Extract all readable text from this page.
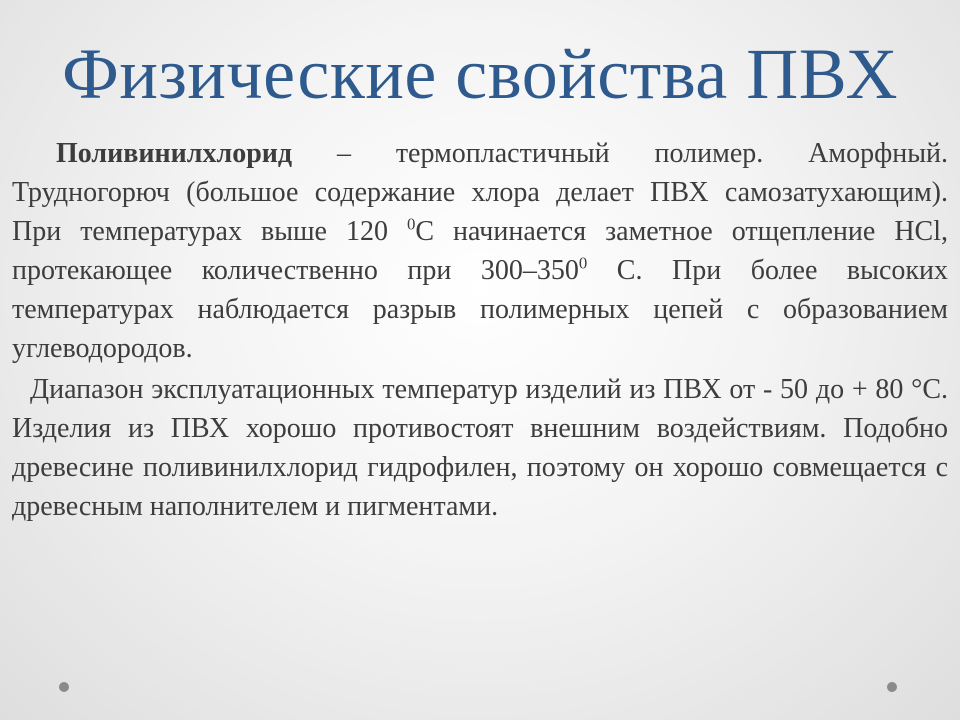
Физические свойства ПВХ

Поливинилхлорид – термопластичный полимер. Аморфный. Трудногорюч (большое содержание хлора делает ПВХ самозатухающим). При температурах выше 120 $^0$С начинается заметное отщепление HCl, протекающее количественно при $300-350^0$ С. При более высоких температурах наблюдается разрыв полимерных цепей с образованием углеводородов.

Диапазон эксплуатационных температур изделий из ПВХ от - 50 до + 80 °С. Изделия из ПВХ хорошо противостоят внешним воздействиям. Подобно древесине поливинилхлорид гидрофилен, поэтому он хорошо совмещается с древесным наполнителем и пигментами.
